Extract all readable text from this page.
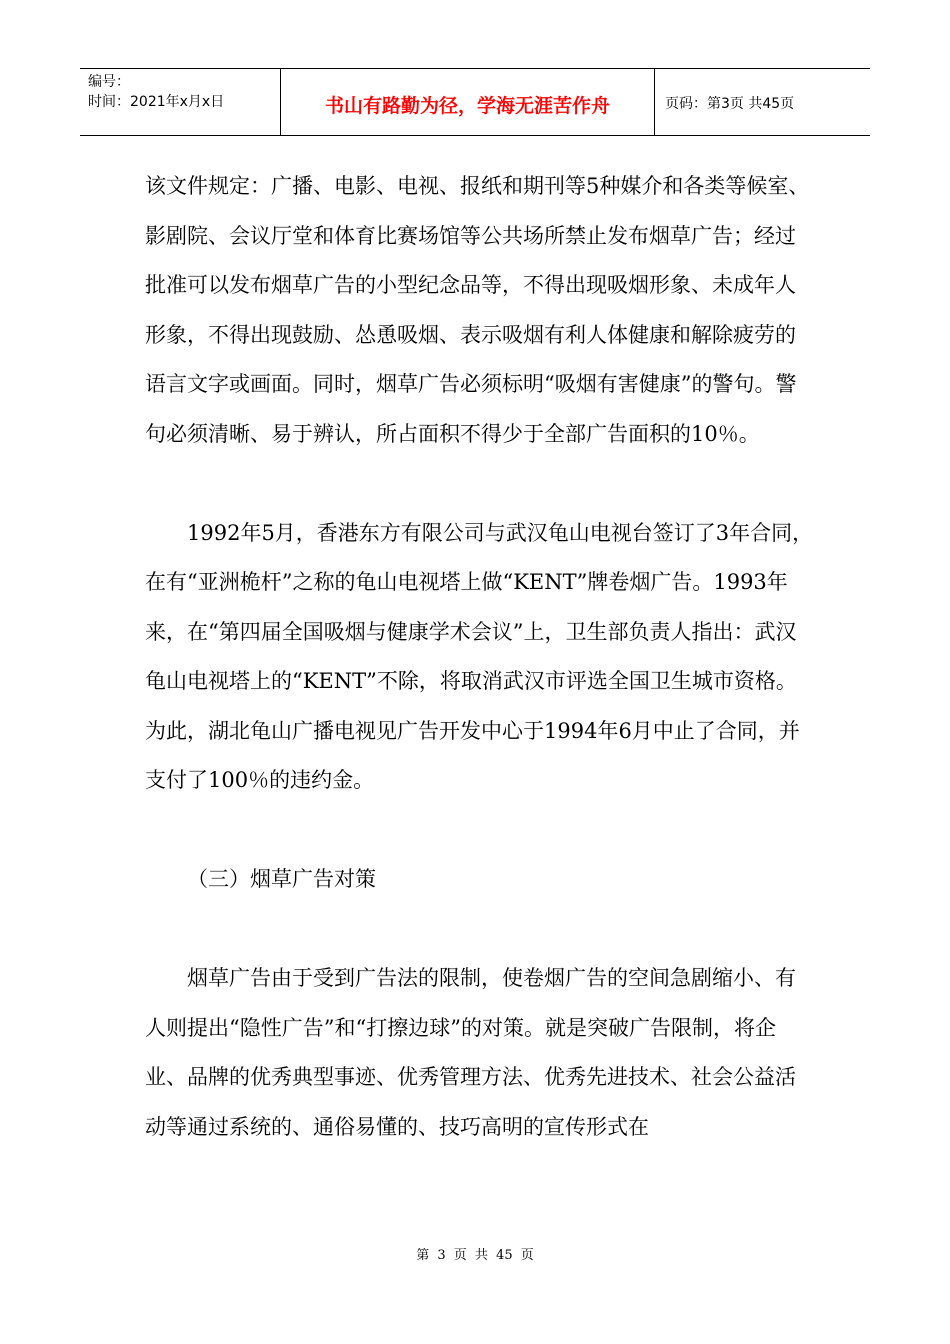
编号：
时间：2021年x月x日	书山有路勤为径，学海无涯苦作舟	页码：第3页 共45页

该文件规定：广播、电影、电视、报纸和期刊等5种媒介和各类等候室、影剧院、会议厅堂和体育比赛场馆等公共场所禁止发布烟草广告；经过批准可以发布烟草广告的小型纪念品等，不得出现吸烟形象、未成年人形象，不得出现鼓励、怂恿吸烟、表示吸烟有利人体健康和解除疲劳的语言文字或画面。同时，烟草广告必须标明“吸烟有害健康”的警句。警句必须清晰、易于辨认，所占面积不得少于全部广告面积的10％。

1992年5月，香港东方有限公司与武汉龟山电视台签订了3年合同，在有“亚洲桅杆”之称的龟山电视塔上做“KENT”牌卷烟广告。1993年来，在“第四届全国吸烟与健康学术会议”上，卫生部负责人指出：武汉龟山电视塔上的“KENT”不除，将取消武汉市评选全国卫生城市资格。为此，湖北龟山广播电视见广告开发中心于1994年6月中止了合同，并支付了100％的违约金。

（三）烟草广告对策

烟草广告由于受到广告法的限制，使卷烟广告的空间急剧缩小、有人则提出“隐性广告”和“打擦边球”的对策。就是突破广告限制，将企业、品牌的优秀典型事迹、优秀管理方法、优秀先进技术、社会公益活动等通过系统的、通俗易懂的、技巧高明的宣传形式在

第 3 页 共 45 页
